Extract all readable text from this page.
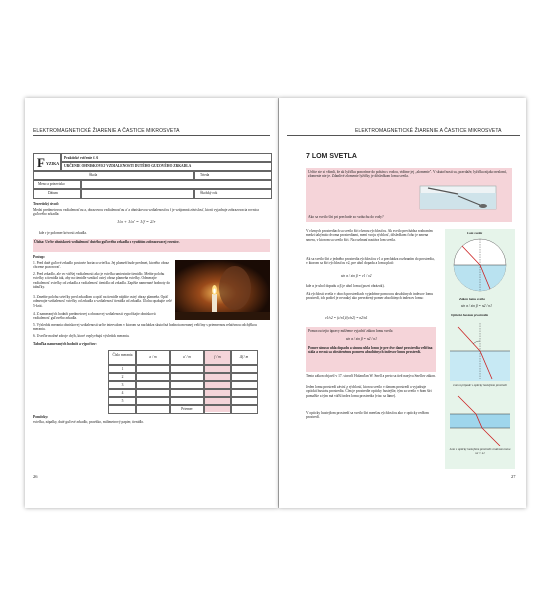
ELEKTROMAGNETICKÉ ŽIARENIE A ČASTICE MIKROSVETA
F YZIKA
Praktické cvičenie č. 6
URČENIE OHNISKOVEJ VZDIALENOSTI DUTÉHO GUĽOVÉHO ZRKADLA
Škola	Trieda
Meno a priezvisko
Dátum	Školský rok
Teoretický úvod:
Medzi predmetovou vzdialenosťou a, obrazovou vzdialenosťou a' a ohniskovou vzdialenosťou f je vzájomná závislosť, ktorú vyjadruje zobrazovacia rovnica guľového zrkadla:
1/a + 1/a' = 1/f = 2/r
kde r je polomer krivosti zrkadla.
Úloha: Určte ohniskovú vzdialenosť dutého guľového zrkadla s využitím zobrazovacej rovnice.
Postup:
1. Pred duté guľové zrkadlo postavte horiacu sviečku. Jej plameň bude predmet, ktorého obraz chceme pozorovať.
2. Pred zrkadlo, ale vo väčšej vzdialenosti ako je sviečka umiestnite tienidlo. Meňte polohu sviečky a tienidla tak, aby na tienidle vznikol ostrý obraz plameňa sviečky. Odmerajte vzdialenosť sviečky od zrkadla a vzdialenosť tienidla od zrkadla. Zapíšte namerané hodnoty do tabuľky.
3. Zmeňte polohu sviečky pred zrkadlom a opäť na tienidle nájdite ostrý obraz plameňa. Opäť odmerajte vzdialenosť sviečky od zrkadla a vzdialenosť tienidla od zrkadla. Úlohu opakujte celé 5-krát.
4. Z nameraných hodnôt predmetovej a obrazovej vzdialenosti vypočítajte ohniskovú vzdialenosť guľového zrkadla.
5. Výsledok merania ohniskovej vzdialenosti určte intervalom v ktorom sa nachádza skutočná hodnota meranej veličiny s priemernou relatívnou odchýlkou merania.
6. Uveďte možné zdroje chýb, ktoré ovplyvňujú výsledok merania.
Tabuľka nameraných hodnôt a výpočtov:
Číslo merania	a / m	a' / m	f / m	Δf / m
1
2
3
4
5
Priemer
Pomôcky:
sviečka, zápalky, duté guľové zrkadlo, pravítko, milimetrový papier, tienidlo.
26
ELEKTROMAGNETICKÉ ŽIARENIE A ČASTICE MIKROSVETA
7 LOM SVETLA
Určite ste si všimli, že ak lyžičku ponoríme do pohára s vodou, vidíme jej „zlomenie". V skutočnosti sa, pravdaže, lyžička nijako nezlomí, zlomenie nie je. Zdanlivé zlomenie lyžičky je dôsledkom lomu svetla.
Ako sa svetlo šíri pri prechode zo vzduchu do vody?
V rôznych prostrediach sa svetlo šíri rôznou rýchlosťou. Ak svetlo prechádza rozhraním medzi takýmito dvoma prostrediami, mení svoju rýchlosť, dôsledkom čoho je zmena smeru, v ktorom sa svetlo šíri. Na rozhraní nastáva lom svetla.
Ak sa svetlo šíri z jedného prostredia rýchlosťou v1 a prechádza rozhraním do prostredia, v ktorom sa šíri rýchlosťou v2, pre uhol dopadu a lomu platí:
sin α / sin β = v1 / v2
kde α je uhol dopadu a β je uhol lomu (pozri obrázok).
Ak rýchlosti svetla v oboch prostrediach vyjadríme pomocou absolútnych indexov lomu prostredí, ich podiel je rovnaký ako prevrátený pomer absolútnych indexov lomu:
v1/v2 = (c/n1)/(c/n2) = n2/n1
Pomocou tejto úpravy môžeme vyjadriť zákon lomu svetla
sin α / sin β = n2 / n1
Pomer sínusu uhla dopadu a sínusu uhla lomu je pre dve dané prostredia veličina stála a rovná sa obrátenému pomeru absolútnych indexov lomu prostredí.
Tento zákon objavil v 17. storočí Holanďan W. Snell a preto sa tiež nazýva Snellov zákon.
Jeden lomu prostredí závisí z rýchlostí, ktorou svetlo v danom prostredí a vyjadruje optickú hustotu prostredia. Čím je prostredie opticky hustejšie, tým sa svetlo v ňom šíri pomalšie a tým má väčší index lomu prostredia (viac sa láme).
V opticky hustejšom prostredí sa svetlo šíri menšou rýchlosťou ako v opticky redšom prostredí.
Lom svetla
Zákon lomu svetla
sin α / sin β = n2 / n1
Optická hustota prostredia
Lom k prípade v opticky hustejšom prostredí
Lom v opticky hustejšom prostredí s indexom lomu n2 > n1
27
